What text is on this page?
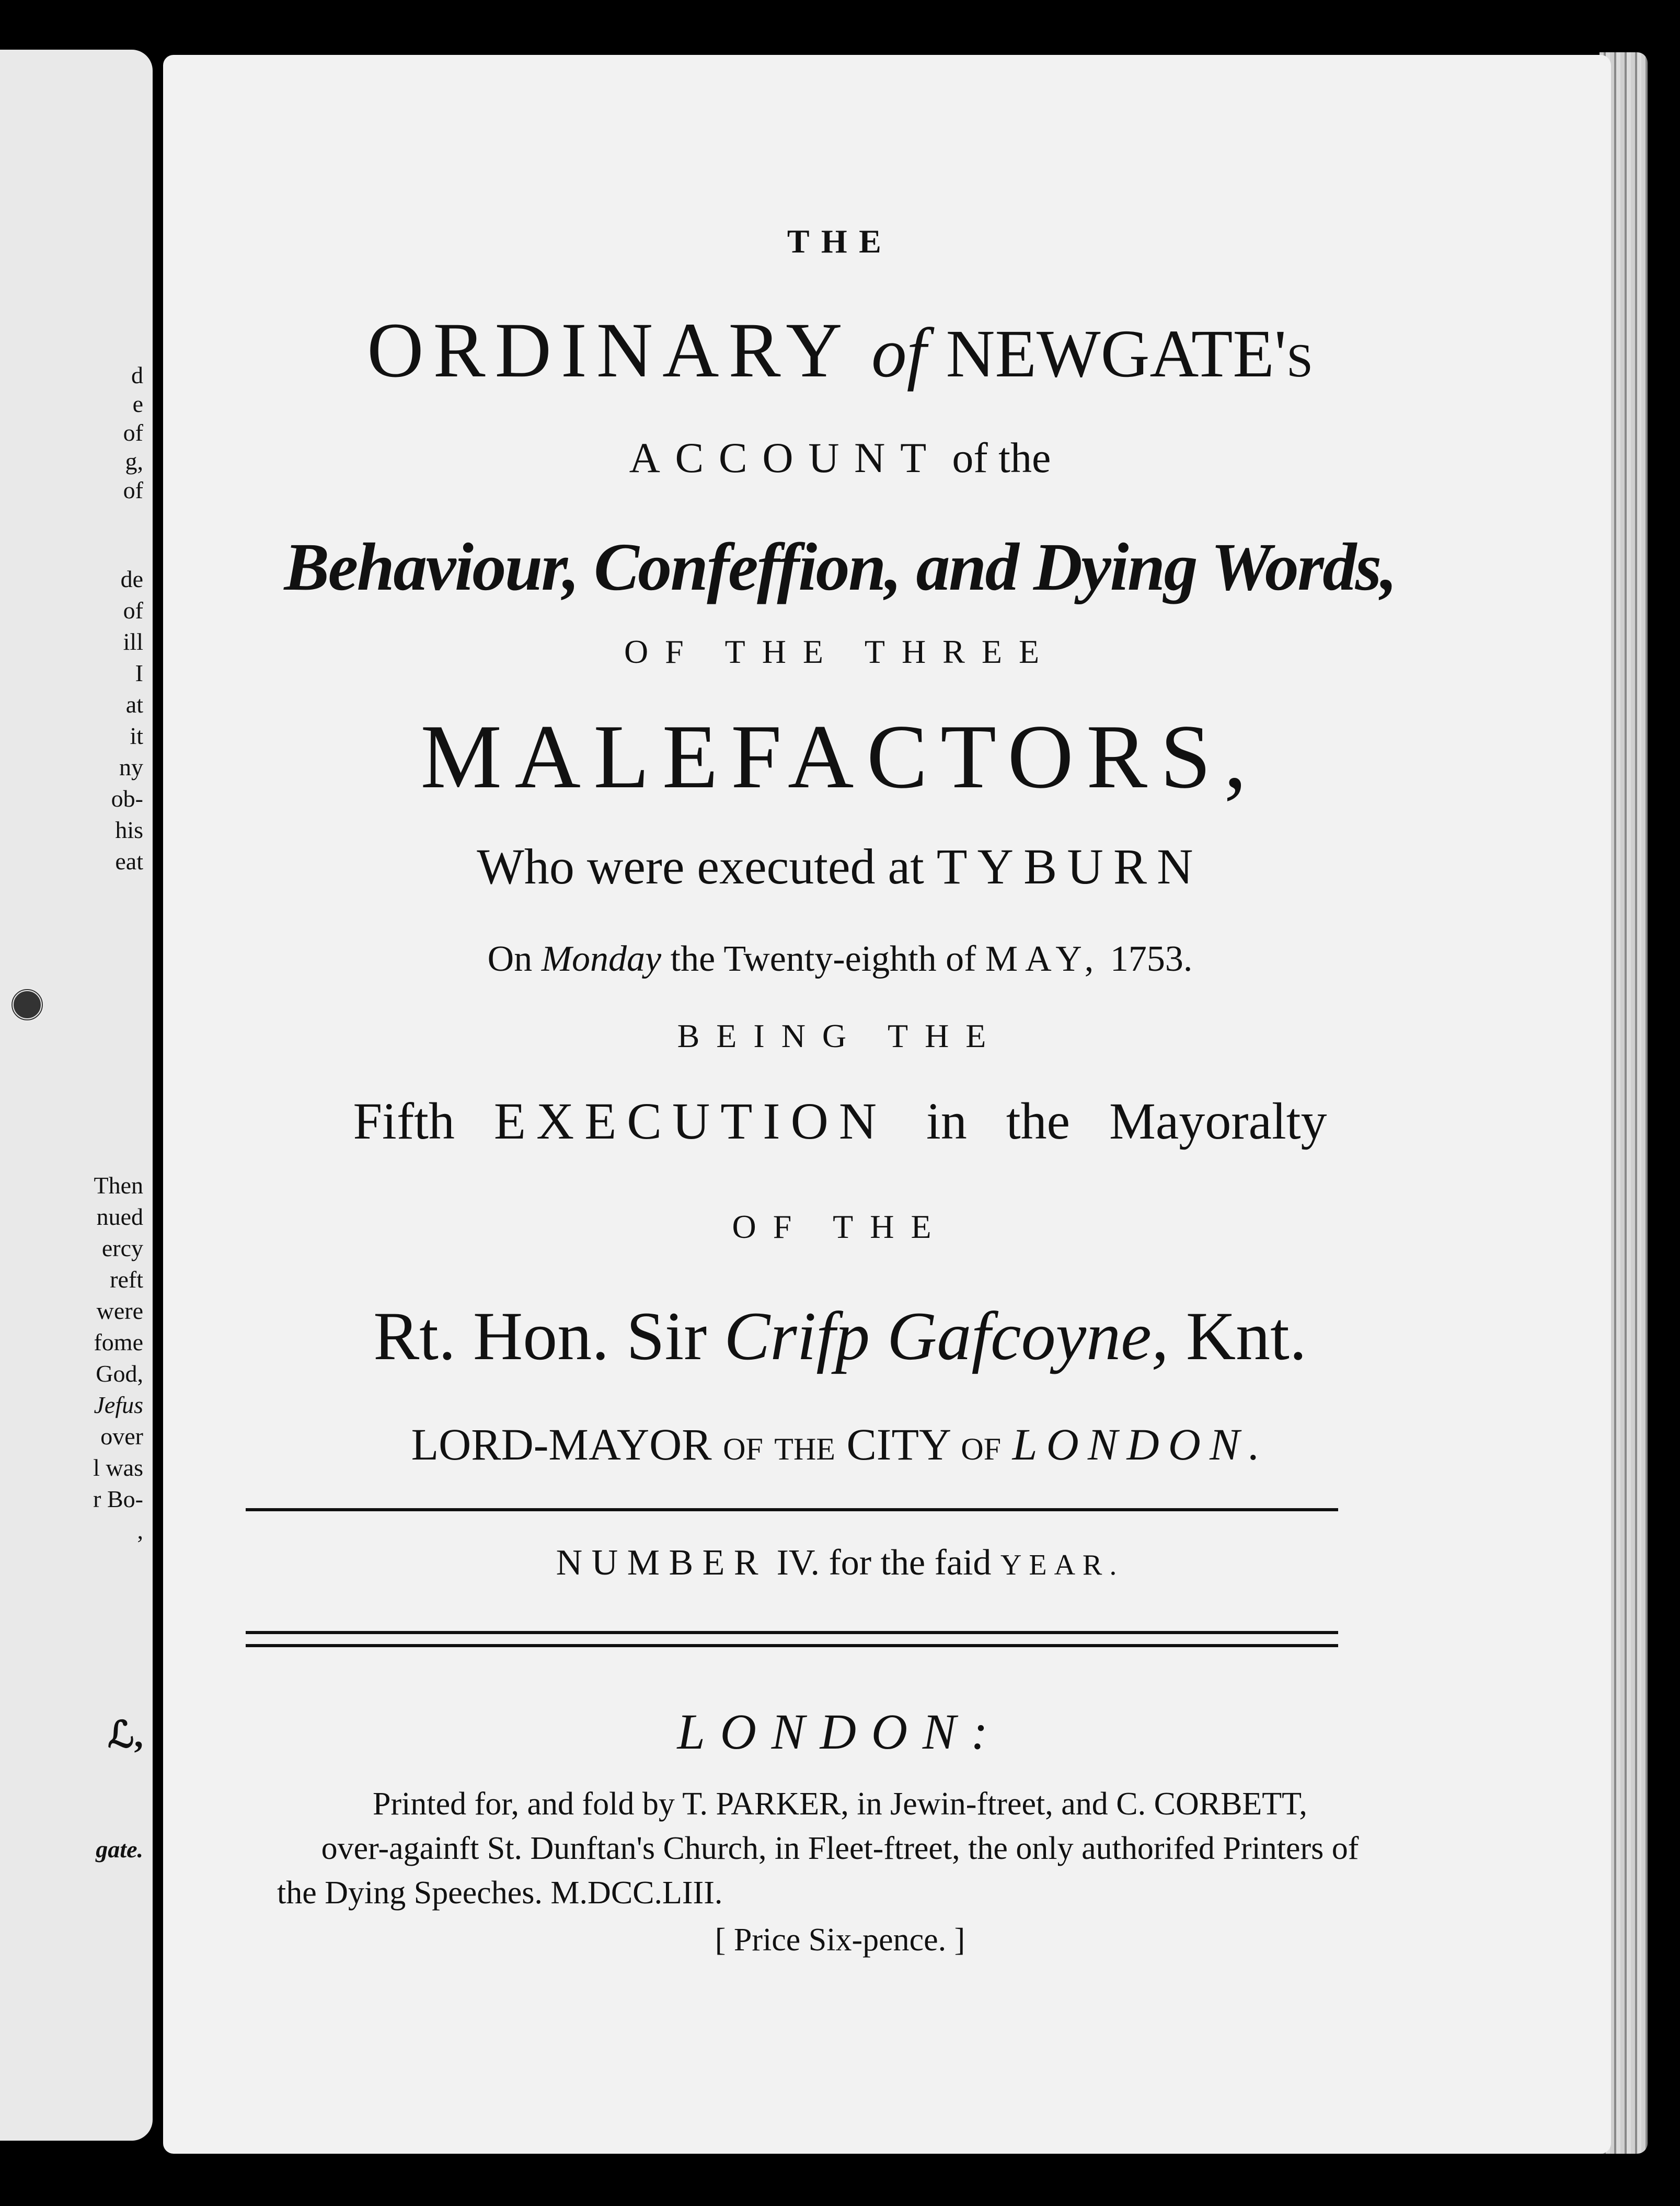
d
e
of
g,
of
de
of
ill
I
at
it
ny
ob-
his
eat
Then
nued
ercy
reft
were
fome
God,
Jefus
over
l was
r Bo-
,
ℒ,
gate.
THE
ORDINARY of NEWGATE's
ACCOUNT of the
Behaviour, Confeffion, and Dying Words,
OF THE THREE
MALEFACTORS,
Who were executed at TYBURN
On Monday the Twenty-eighth of MAY, 1753.
BEING THE
Fifth EXECUTION in the Mayoralty
OF THE
Rt. Hon. Sir Crifp Gafcoyne, Knt.
LORD-MAYOR of the CITY of LONDON.
NUMBER IV. for the faid YEAR.
LONDON:
Printed for, and fold by T. PARKER, in Jewin-ftreet, and C. CORBETT,
over-againft St. Dunftan's Church, in Fleet-ftreet, the only authorifed Printers of
the Dying Speeches. M.DCC.LIII.
[ Price Six-pence. ]
